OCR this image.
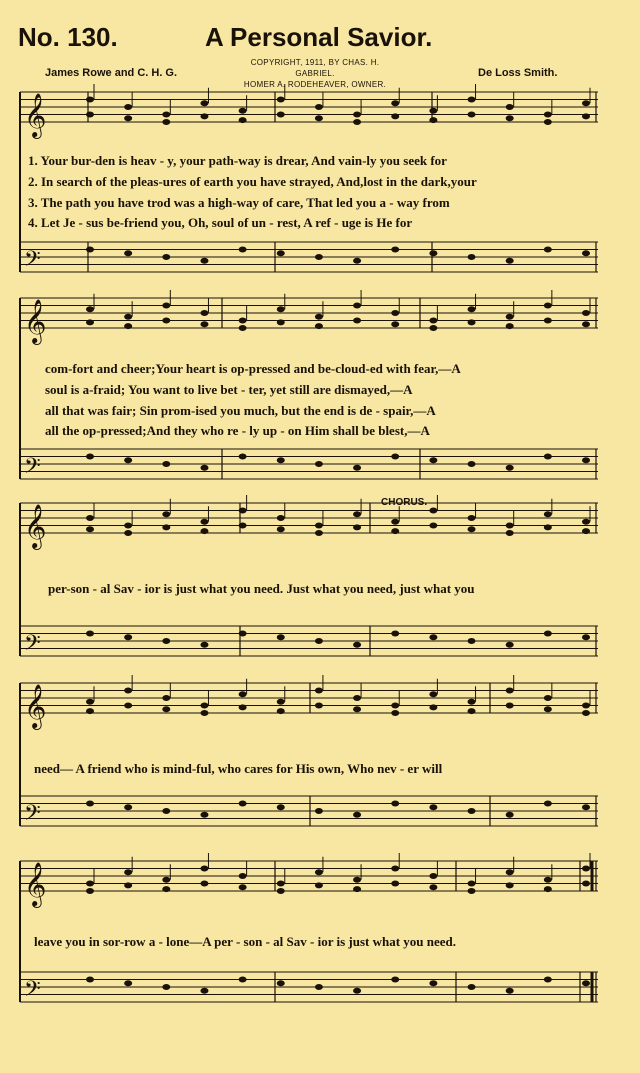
No. 130.	A Personal Savior.
COPYRIGHT, 1911, BY CHAS. H. GABRIEL.
HOMER A. RODEHEAVER, OWNER.
James Rowe and C. H. G.	De Loss Smith.
𝄞
𝄢
𝄞
𝄢
𝄞
𝄢
𝄞
𝄢
𝄞
𝄢
1. Your bur-den is heav - y, your path-way is drear, And vain-ly you seek for
2. In search of the pleas-ures of earth you have strayed, And,lost in the dark,your
3. The path you have trod was a high-way of care, That led you a - way from
4. Let Je - sus be-friend you, Oh, soul of un - rest, A ref - uge is He for
com-fort and cheer;Your heart is op-pressed and be-cloud-ed with fear,—A
soul is a-fraid; You want to live bet - ter, yet still are dismayed,—A
all that was fair; Sin prom-ised you much, but the end is de - spair,—A
all the op-pressed;And they who re - ly up - on Him shall be blest,—A
CHORUS.
per-son - al Sav - ior is just what you need. Just what you need, just what you
need— A friend who is mind-ful, who cares for His own, Who nev - er will
leave you in sor-row a - lone—A per - son - al Sav - ior is just what you need.
